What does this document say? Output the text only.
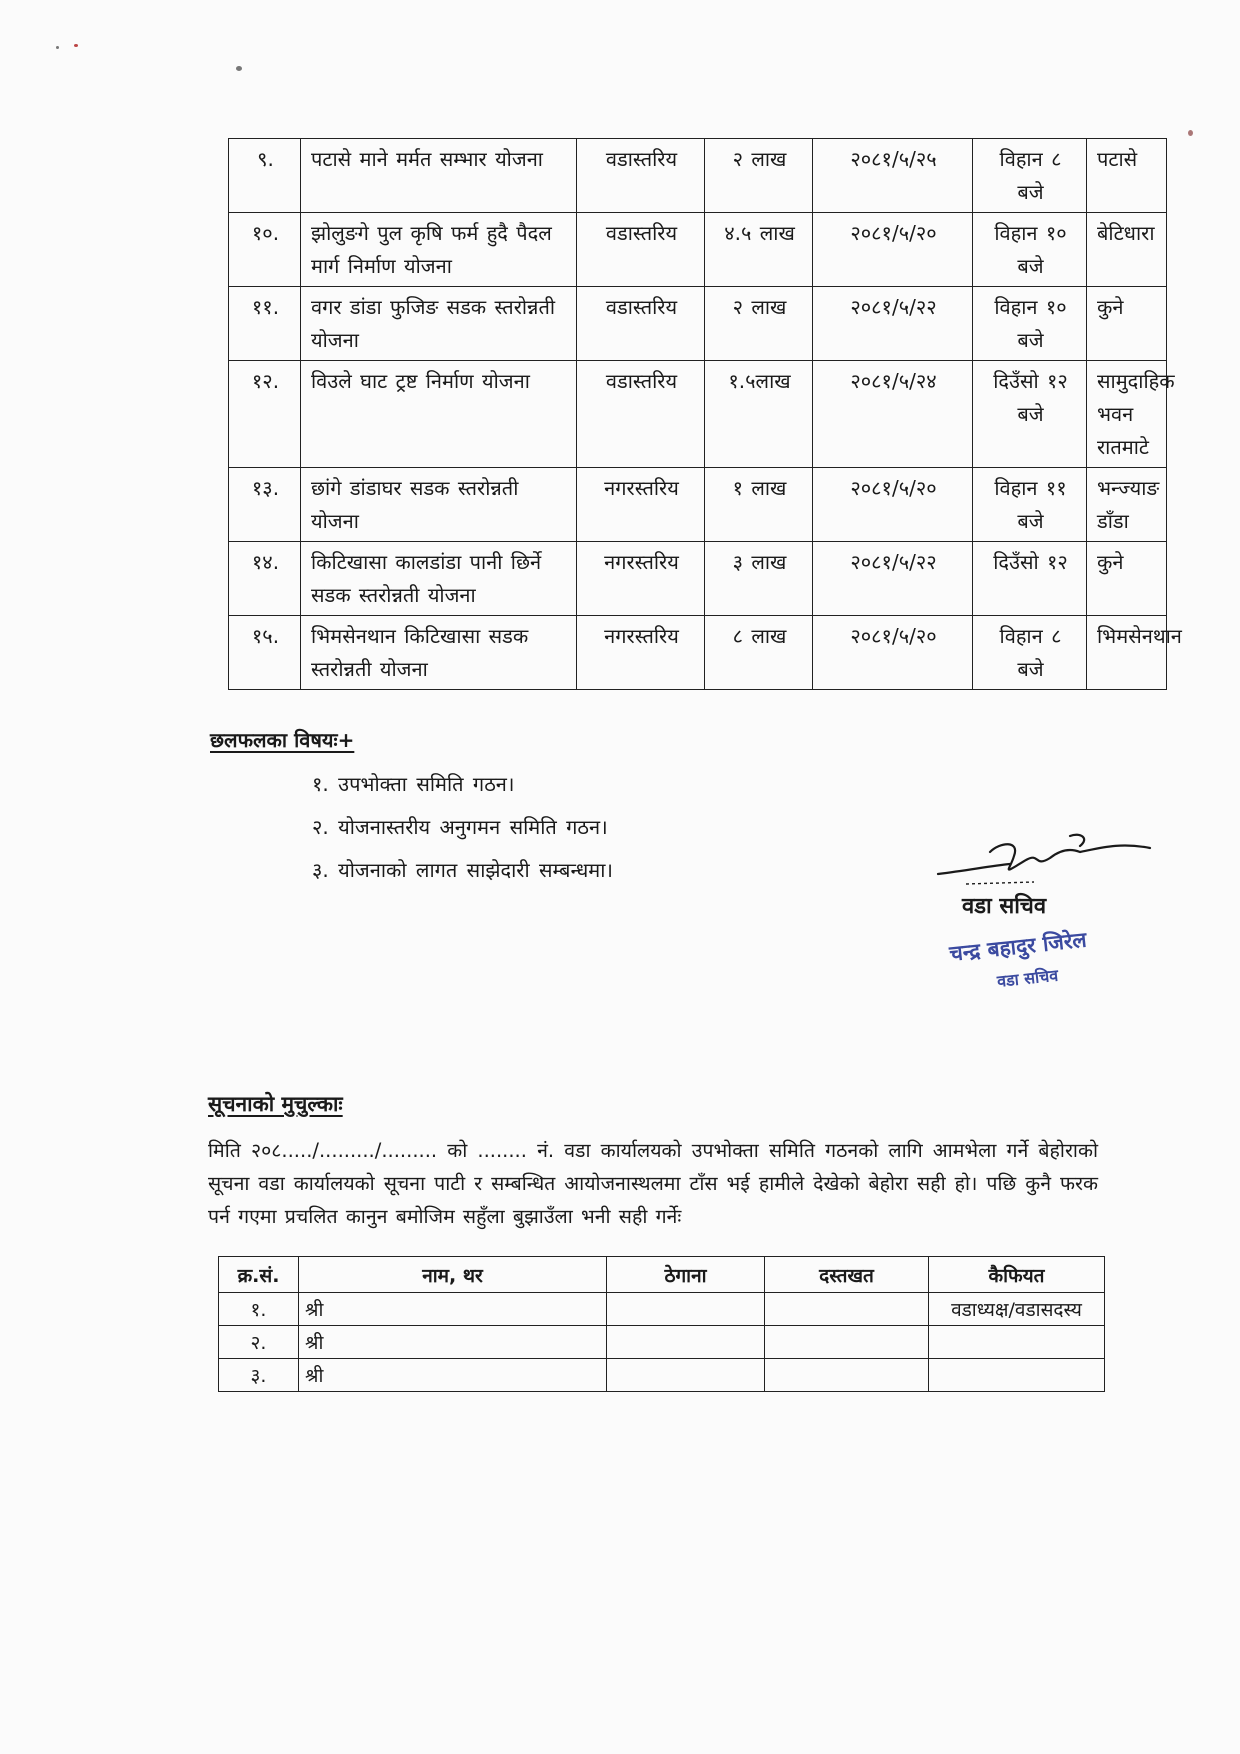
९.	पटासे माने मर्मत सम्भार योजना	वडास्तरिय	२ लाख	२०८१/५/२५	विहान ८ बजे	पटासे
१०.	झोलुङगे पुल कृषि फर्म हुदै पैदल मार्ग निर्माण योजना	वडास्तरिय	४.५ लाख	२०८१/५/२०	विहान १० बजे	बेटिधारा
११.	वगर डांडा फुजिङ सडक स्तरोन्नती योजना	वडास्तरिय	२ लाख	२०८१/५/२२	विहान १० बजे	कुने
१२.	विउले घाट ट्रष्ट निर्माण योजना	वडास्तरिय	१.५लाख	२०८१/५/२४	दिउँसो १२ बजे	सामुदाहिक भवन रातमाटे
१३.	छांगे डांडाघर सडक स्तरोन्नती योजना	नगरस्तरिय	१ लाख	२०८१/५/२०	विहान ११ बजे	भन्ज्याङ डाँडा
१४.	किटिखासा कालडांडा पानी छिर्ने सडक स्तरोन्नती योजना	नगरस्तरिय	३ लाख	२०८१/५/२२	दिउँसो १२	कुने
१५.	भिमसेनथान किटिखासा सडक स्तरोन्नती योजना	नगरस्तरिय	८ लाख	२०८१/५/२०	विहान ८ बजे	भिमसेनथान
छलफलका विषयः+
१. उपभोक्ता समिति गठन।
२. योजनास्तरीय अनुगमन समिति गठन।
३. योजनाको लागत साझेदारी सम्बन्धमा।
वडा सचिव
चन्द्र बहादुर जिरेल
वडा सचिव
सूचनाको मुचुल्काः
मिति २०८...../........./......... को ........ नं. वडा कार्यालयको उपभोक्ता समिति गठनको लागि आमभेला गर्ने बेहोराको सूचना वडा कार्यालयको सूचना पाटी र सम्बन्धित आयोजनास्थलमा टाँस भई हामीले देखेको बेहोरा सही हो। पछि कुनै फरक पर्न गएमा प्रचलित कानुन बमोजिम सहुँला बुझाउँला भनी सही गर्नेः
क्र.सं.	नाम, थर	ठेगाना	दस्तखत	कैफियत
१.	श्री			वडाध्यक्ष/वडासदस्य
२.	श्री			
३.	श्री			
